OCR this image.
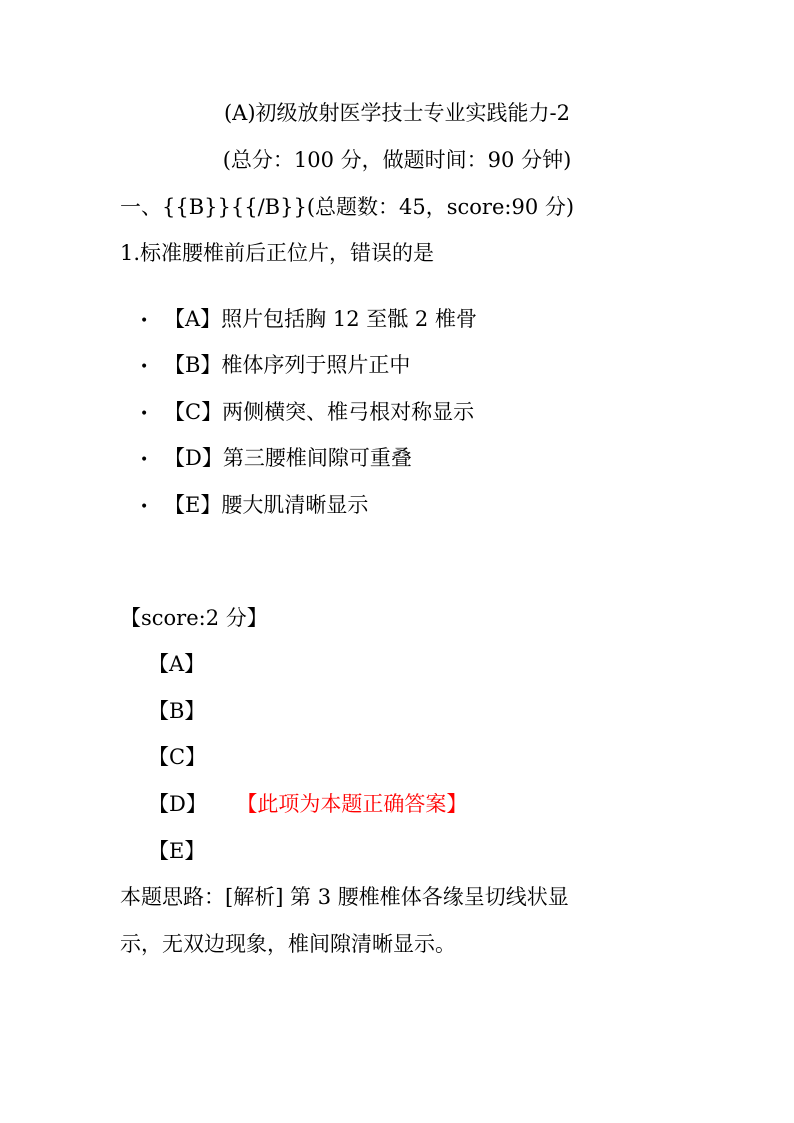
(A)初级放射医学技士专业实践能力-2
(总分：100 分，做题时间：90 分钟)
一、{{B}}{{/B}}(总题数：45，score:90 分)
1.标准腰椎前后正位片，错误的是
• 【A】照片包括胸 12 至骶 2 椎骨
• 【B】椎体序列于照片正中
• 【C】两侧横突、椎弓根对称显示
• 【D】第三腰椎间隙可重叠
• 【E】腰大肌清晰显示
【score:2 分】
【A】
【B】
【C】
【D】 【此项为本题正确答案】
【E】
本题思路：[解析] 第 3 腰椎椎体各缘呈切线状显
示，无双边现象，椎间隙清晰显示。
